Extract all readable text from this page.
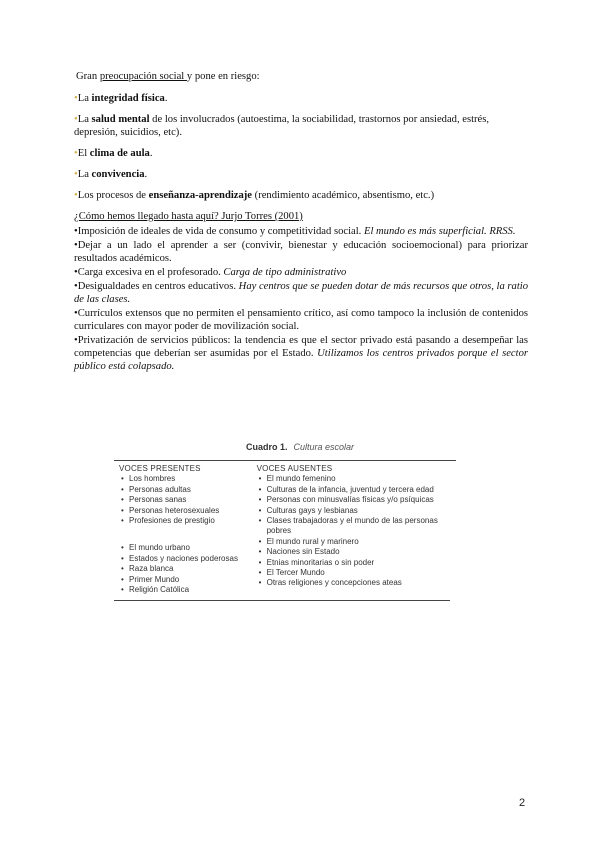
Gran preocupación social y pone en riesgo:

•La integridad física.

•La salud mental de los involucrados (autoestima, la sociabilidad, trastornos por ansiedad, estrés, depresión, suicidios, etc).

•El clima de aula.

•La convivencia.

•Los procesos de enseñanza-aprendizaje (rendimiento académico, absentismo, etc.)

¿Cómo hemos llegado hasta aquí? Jurjo Torres (2001)

•Imposición de ideales de vida de consumo y competitividad social. El mundo es más superficial. RRSS.

•Dejar a un lado el aprender a ser (convivir, bienestar y educación socioemocional) para priorizar resultados académicos.

•Carga excesiva en el profesorado. Carga de tipo administrativo

•Desigualdades en centros educativos. Hay centros que se pueden dotar de más recursos que otros, la ratio de las clases.

•Currículos extensos que no permiten el pensamiento crítico, así como tampoco la inclusión de contenidos curriculares con mayor poder de movilización social.

•Privatización de servicios públicos: la tendencia es que el sector privado está pasando a desempeñar las competencias que deberían ser asumidas por el Estado. Utilizamos los centros privados porque el sector público está colapsado.

Cuadro 1. Cultura escolar
VOCES PRESENTES
• Los hombres
• Personas adultas
• Personas sanas
• Personas heterosexuales
• Profesiones de prestigio
• El mundo urbano
• Estados y naciones poderosas
• Raza blanca
• Primer Mundo
• Religión Católica
VOCES AUSENTES
• El mundo femenino
• Culturas de la infancia, juventud y tercera edad
• Personas con minusvalías físicas y/o psíquicas
• Culturas gays y lesbianas
• Clases trabajadoras y el mundo de las personas pobres
• El mundo rural y marinero
• Naciones sin Estado
• Etnias minoritarias o sin poder
• El Tercer Mundo
• Otras religiones y concepciones ateas
2
